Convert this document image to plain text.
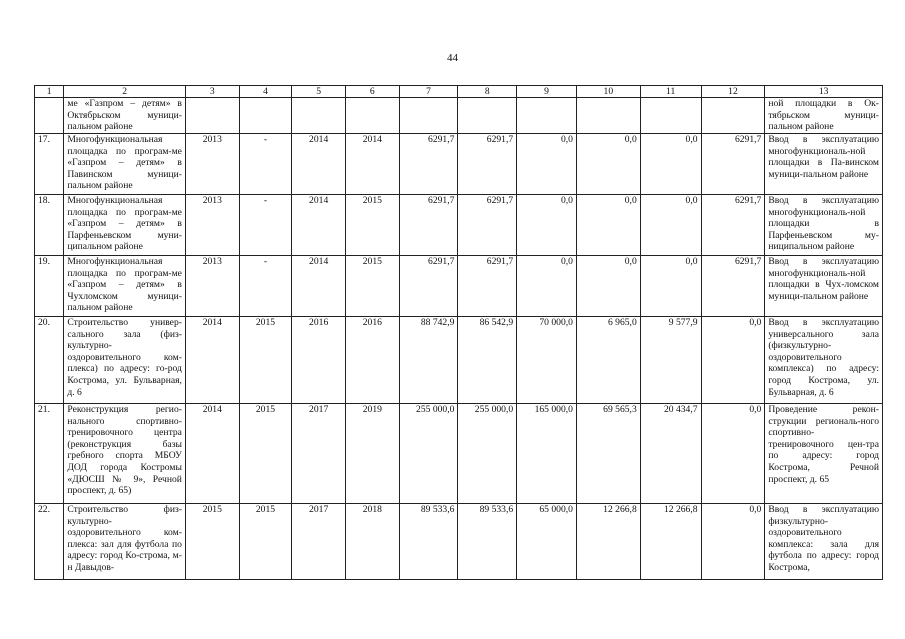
44
1	2	3	4	5	6	7	8	9	10	11	12	13
	ме «Газпром – детям» в Октябрьском муници-пальном районе											ной площадки в Ок-тябрьском муници-пальном районе
17.	Многофункциональная площадка по програм-ме «Газпром – детям» в Павинском муници-пальном районе	2013	-	2014	2014	6291,7	6291,7	0,0	0,0	0,0	6291,7	Ввод в эксплуатацию многофункциональ-ной площадки в Па-винском муници-пальном районе
18.	Многофункциональная площадка по програм-ме «Газпром – детям» в Парфеньевском муни-ципальном районе	2013	-	2014	2015	6291,7	6291,7	0,0	0,0	0,0	6291,7	Ввод в эксплуатацию многофункциональ-ной площадки в Парфеньевском му-ниципальном районе
19.	Многофункциональная площадка по програм-ме «Газпром – детям» в Чухломском муници-пальном районе	2013	-	2014	2015	6291,7	6291,7	0,0	0,0	0,0	6291,7	Ввод в эксплуатацию многофункциональ-ной площадки в Чух-ломском муници-пальном районе
20.	Строительство универ-сального зала (физ-культурно-оздоровительного ком-плекса) по адресу: го-род Кострома, ул. Бульварная, д. 6	2014	2015	2016	2016	88 742,9	86 542,9	70 000,0	6 965,0	9 577,9	0,0	Ввод в эксплуатацию универсального зала (физкультурно-оздоровительного комплекса) по адресу: город Кострома, ул. Бульварная, д. 6
21.	Реконструкция регио-нального спортивно-тренировочного центра (реконструкция базы гребного спорта МБОУ ДОД города Костромы «ДЮСШ № 9», Речной проспект, д. 65)	2014	2015	2017	2019	255 000,0	255 000,0	165 000,0	69 565,3	20 434,7	0,0	Проведение рекон-струкции региональ-ного спортивно-тренировочного цен-тра по адресу: город Кострома, Речной проспект, д. 65
22.	Строительство физ-культурно-оздоровительного ком-плекса: зал для футбола по адресу: город Ко-строма, м-н Давыдов-	2015	2015	2017	2018	89 533,6	89 533,6	65 000,0	12 266,8	12 266,8	0,0	Ввод в эксплуатацию физкультурно-оздоровительного комплекса: зала для футбола по адресу: город Кострома,
